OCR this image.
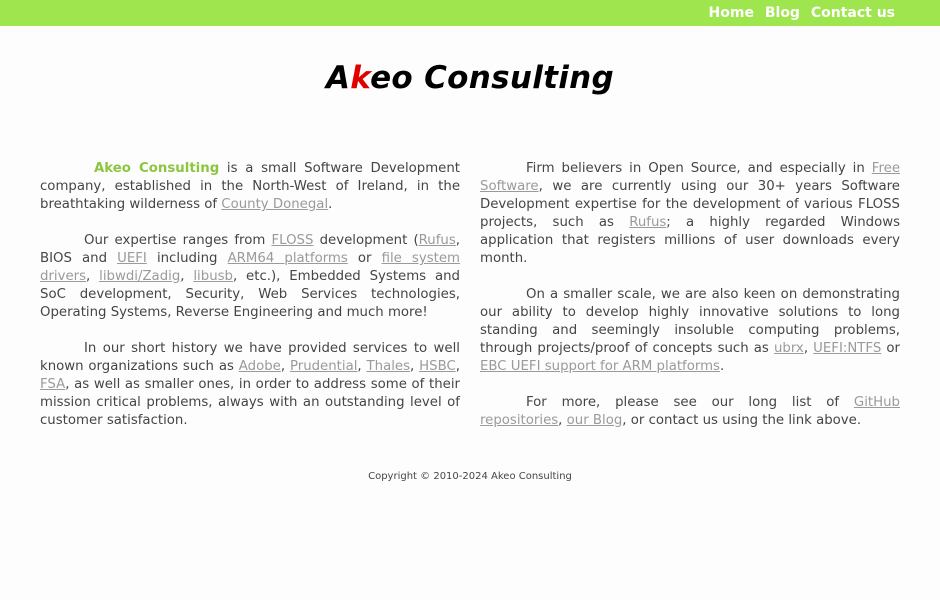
Home Blog Contact us
Akeo Consulting

Akeo Consulting is a small Software Development company, established in the North-West of Ireland, in the breathtaking wilderness of County Donegal.

Our expertise ranges from FLOSS development (Rufus, BIOS and UEFI including ARM64 platforms or file system drivers, libwdi/Zadig, libusb, etc.), Embedded Systems and SoC development, Security, Web Services technologies, Operating Systems, Reverse Engineering and much more!

In our short history we have provided services to well known organizations such as Adobe, Prudential, Thales, HSBC, FSA, as well as smaller ones, in order to address some of their mission critical problems, always with an outstanding level of customer satisfaction.

Firm believers in Open Source, and especially in Free Software, we are currently using our 30+ years Software Development expertise for the development of various FLOSS projects, such as Rufus; a highly regarded Windows application that registers millions of user downloads every month.

On a smaller scale, we are also keen on demonstrating our ability to develop highly innovative solutions to long standing and seemingly insoluble computing problems, through projects/proof of concepts such as ubrx, UEFI:NTFS or EBC UEFI support for ARM platforms.

For more, please see our long list of GitHub repositories, our Blog, or contact us using the link above.

Copyright © 2010-2024 Akeo Consulting
